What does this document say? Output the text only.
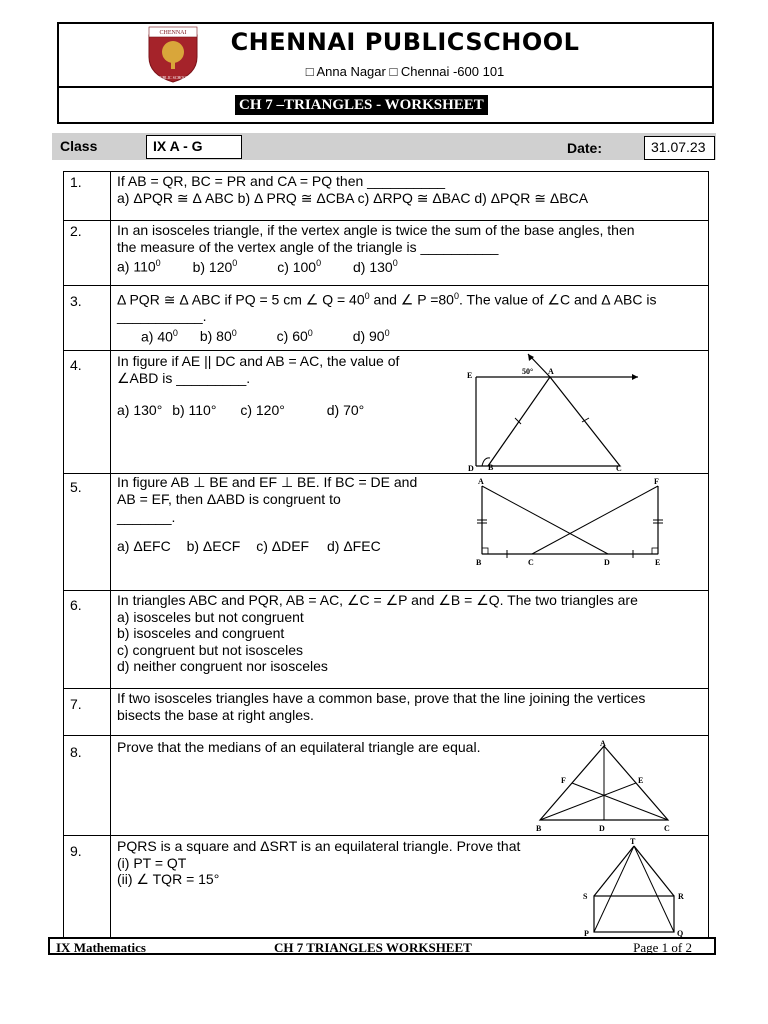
CHENNAI
PUBLIC SCHOOL
CHENNAI PUBLICSCHOOL
□ Anna Nagar □ Chennai -600 101
CH 7 –TRIANGLES - WORKSHEET
Class	IX A - G	Date:	31.07.23
1.	If AB = QR, BC = PR and CA = PQ then __________
a) ΔPQR ≅ Δ ABC b) Δ PRQ ≅ ΔCBA c) ΔRPQ ≅ ΔBAC d) ΔPQR ≅ ΔBCA
2.	In an isosceles triangle, if the vertex angle is twice the sum of the base angles, then
the measure of the vertex angle of the triangle is __________
a) $110^0$ b) $120^0$	c) $100^0$ d) $130^0$
3.	Δ PQR ≅ Δ ABC if PQ = 5 cm ∠ $Q = 40^0$ and ∠ $P =80^0$. The value of ∠C and Δ ABC is
___________.
a) $40^0$ b) $80^0$	c) $60^0$	d) $90^0$
4.	In figure if AE || DC and AB = AC, the value of
∠ABD is _________.
a) 130° b) 110° c) 120°	d) 70°
E	50° A
D B	C
5.	In figure AB ⊥ BE and EF ⊥ BE. If BC = DE and
AB = EF, then ΔABD is congruent to
_______.
a) ΔEFC b) ΔECF c) ΔDEF d) ΔFEC
A	F
B	C	D	E
6.	In triangles ABC and PQR, AB = AC, ∠C = ∠P and ∠B = ∠Q. The two triangles are
a) isosceles but not congruent
b) isosceles and congruent
c) congruent but not isosceles
d) neither congruent nor isosceles
7.	If two isosceles triangles have a common base, prove that the line joining the vertices
bisects the base at right angles.
8.	Prove that the medians of an equilateral triangle are equal.	A
F	E
B	D	C
9.	PQRS is a square and ΔSRT is an equilateral triangle. Prove that
(i) PT = QT
(ii) ∠ TQR = 15°
T
S	R
P	Q
IX Mathematics	CH 7 TRIANGLES WORKSHEET	Page 1 of 2
